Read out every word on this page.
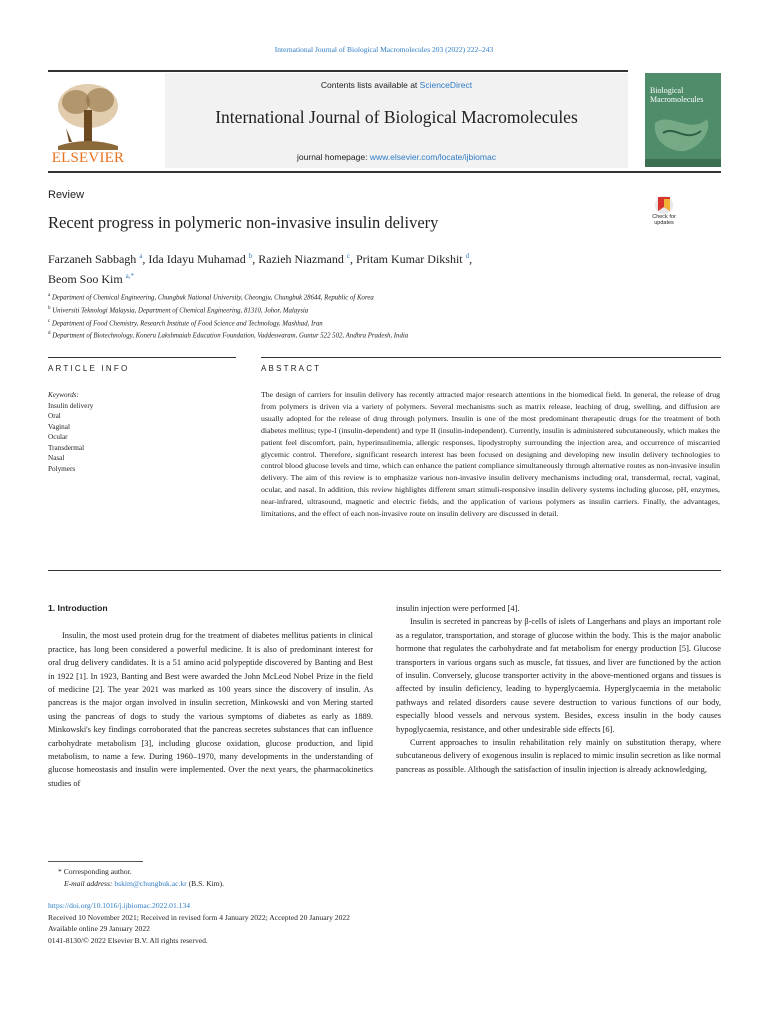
International Journal of Biological Macromolecules 203 (2022) 222–243
ELSEVIER
Contents lists available at ScienceDirect
International Journal of Biological Macromolecules
journal homepage: www.elsevier.com/locate/ijbiomac
Biological Macromolecules
Review
Recent progress in polymeric non-invasive insulin delivery	Check for updates
Farzaneh Sabbagh $^a$, Ida Idayu Muhamad $^b$, Razieh Niazmand $^c$, Pritam Kumar Dikshit $^d$,
Beom Soo Kim $^{a,*}$
$^a$ Department of Chemical Engineering, Chungbuk National University, Cheongju, Chungbuk 28644, Republic of Korea
$^b$ Universiti Teknologi Malaysia, Department of Chemical Engineering, 81310, Johor, Malaysia
$^c$ Department of Food Chemistry, Research Institute of Food Science and Technology, Mashhad, Iran
$^d$ Department of Biotechnology, Koneru Lakshmaiah Education Foundation, Vaddeswaram, Guntur 522 502, Andhra Pradesh, India
ARTICLE INFO	ABSTRACT
Keywords:
Insulin delivery
Oral
Vaginal
Ocular
Transdermal
Nasal
Polymers
The design of carriers for insulin delivery has recently attracted major research attentions in the biomedical field. In general, the release of drug from polymers is driven via a variety of polymers. Several mechanisms such as matrix release, leaching of drug, swelling, and diffusion are usually adopted for the release of drug through polymers. Insulin is one of the most predominant therapeutic drugs for the treatment of both diabetes mellitus; type-I (insulin-dependent) and type II (insulin-independent). Currently, insulin is administered subcutaneously, which makes the patient feel discomfort, pain, hyperinsulinemia, allergic responses, lipodystrophy surrounding the injection area, and occurrence of miscarried glycemic control. Therefore, significant research interest has been focused on designing and developing new insulin delivery technologies to control blood glucose levels and time, which can enhance the patient compliance simultaneously through alternative routes as non-invasive insulin delivery. The aim of this review is to emphasize various non-invasive insulin delivery mechanisms including oral, transdermal, rectal, vaginal, ocular, and nasal. In addition, this review highlights different smart stimuli-responsive insulin delivery systems including glucose, pH, enzymes, near-infrared, ultrasound, magnetic and electric fields, and the application of various polymers as insulin carriers. Finally, the advantages, limitations, and the effect of each non-invasive route on insulin delivery are discussed in detail.

1. Introduction

Insulin, the most used protein drug for the treatment of diabetes mellitus patients in clinical practice, has long been considered a powerful medicine. It is also of predominant interest for oral drug delivery candidates. It is a 51 amino acid polypeptide discovered by Banting and Best in 1922 [1]. In 1923, Banting and Best were awarded the John McLeod Nobel Prize in the field of medicine [2]. The year 2021 was marked as 100 years since the discovery of insulin. As pancreas is the major organ involved in insulin secretion, Minkowski and von Mering started using the pancreas of dogs to study the various symptoms of diabetes as early as 1889. Minkowski's key findings corroborated that the pancreas secretes substances that can influence carbohydrate metabolism [3], including glucose oxidation, glucose production, and lipid metabolism, to name a few. During 1960–1970, many developments in the understanding of glucose homeostasis and insulin were implemented. Over the next years, the pharmacokinetics studies of

insulin injection were performed [4].

Insulin is secreted in pancreas by β-cells of islets of Langerhans and plays an important role as a regulator, transportation, and storage of glucose within the body. This is the major anabolic hormone that regulates the carbohydrate and fat metabolism for energy production [5]. Glucose transporters in various organs such as muscle, fat tissues, and liver are functioned by the action of insulin. Conversely, glucose transporter activity in the above-mentioned organs and tissues is affected by insulin deficiency, leading to hyperglycaemia. Hyperglycaemia in the metabolic pathways and related disorders cause severe destruction to various functions of our body, especially blood vessels and nervous system. Besides, excess insulin in the body causes hypoglycaemia, resistance, and other undesirable side effects [6].

Current approaches to insulin rehabilitation rely mainly on substitution therapy, where subcutaneous delivery of exogenous insulin is replaced to mimic insulin secretion as like normal pancreas as possible. Although the satisfaction of insulin injection is already acknowledging,

* Corresponding author.
E-mail address: bskim@chungbuk.ac.kr (B.S. Kim).
https://doi.org/10.1016/j.ijbiomac.2022.01.134
Received 10 November 2021; Received in revised form 4 January 2022; Accepted 20 January 2022
Available online 29 January 2022
0141-8130/© 2022 Elsevier B.V. All rights reserved.
